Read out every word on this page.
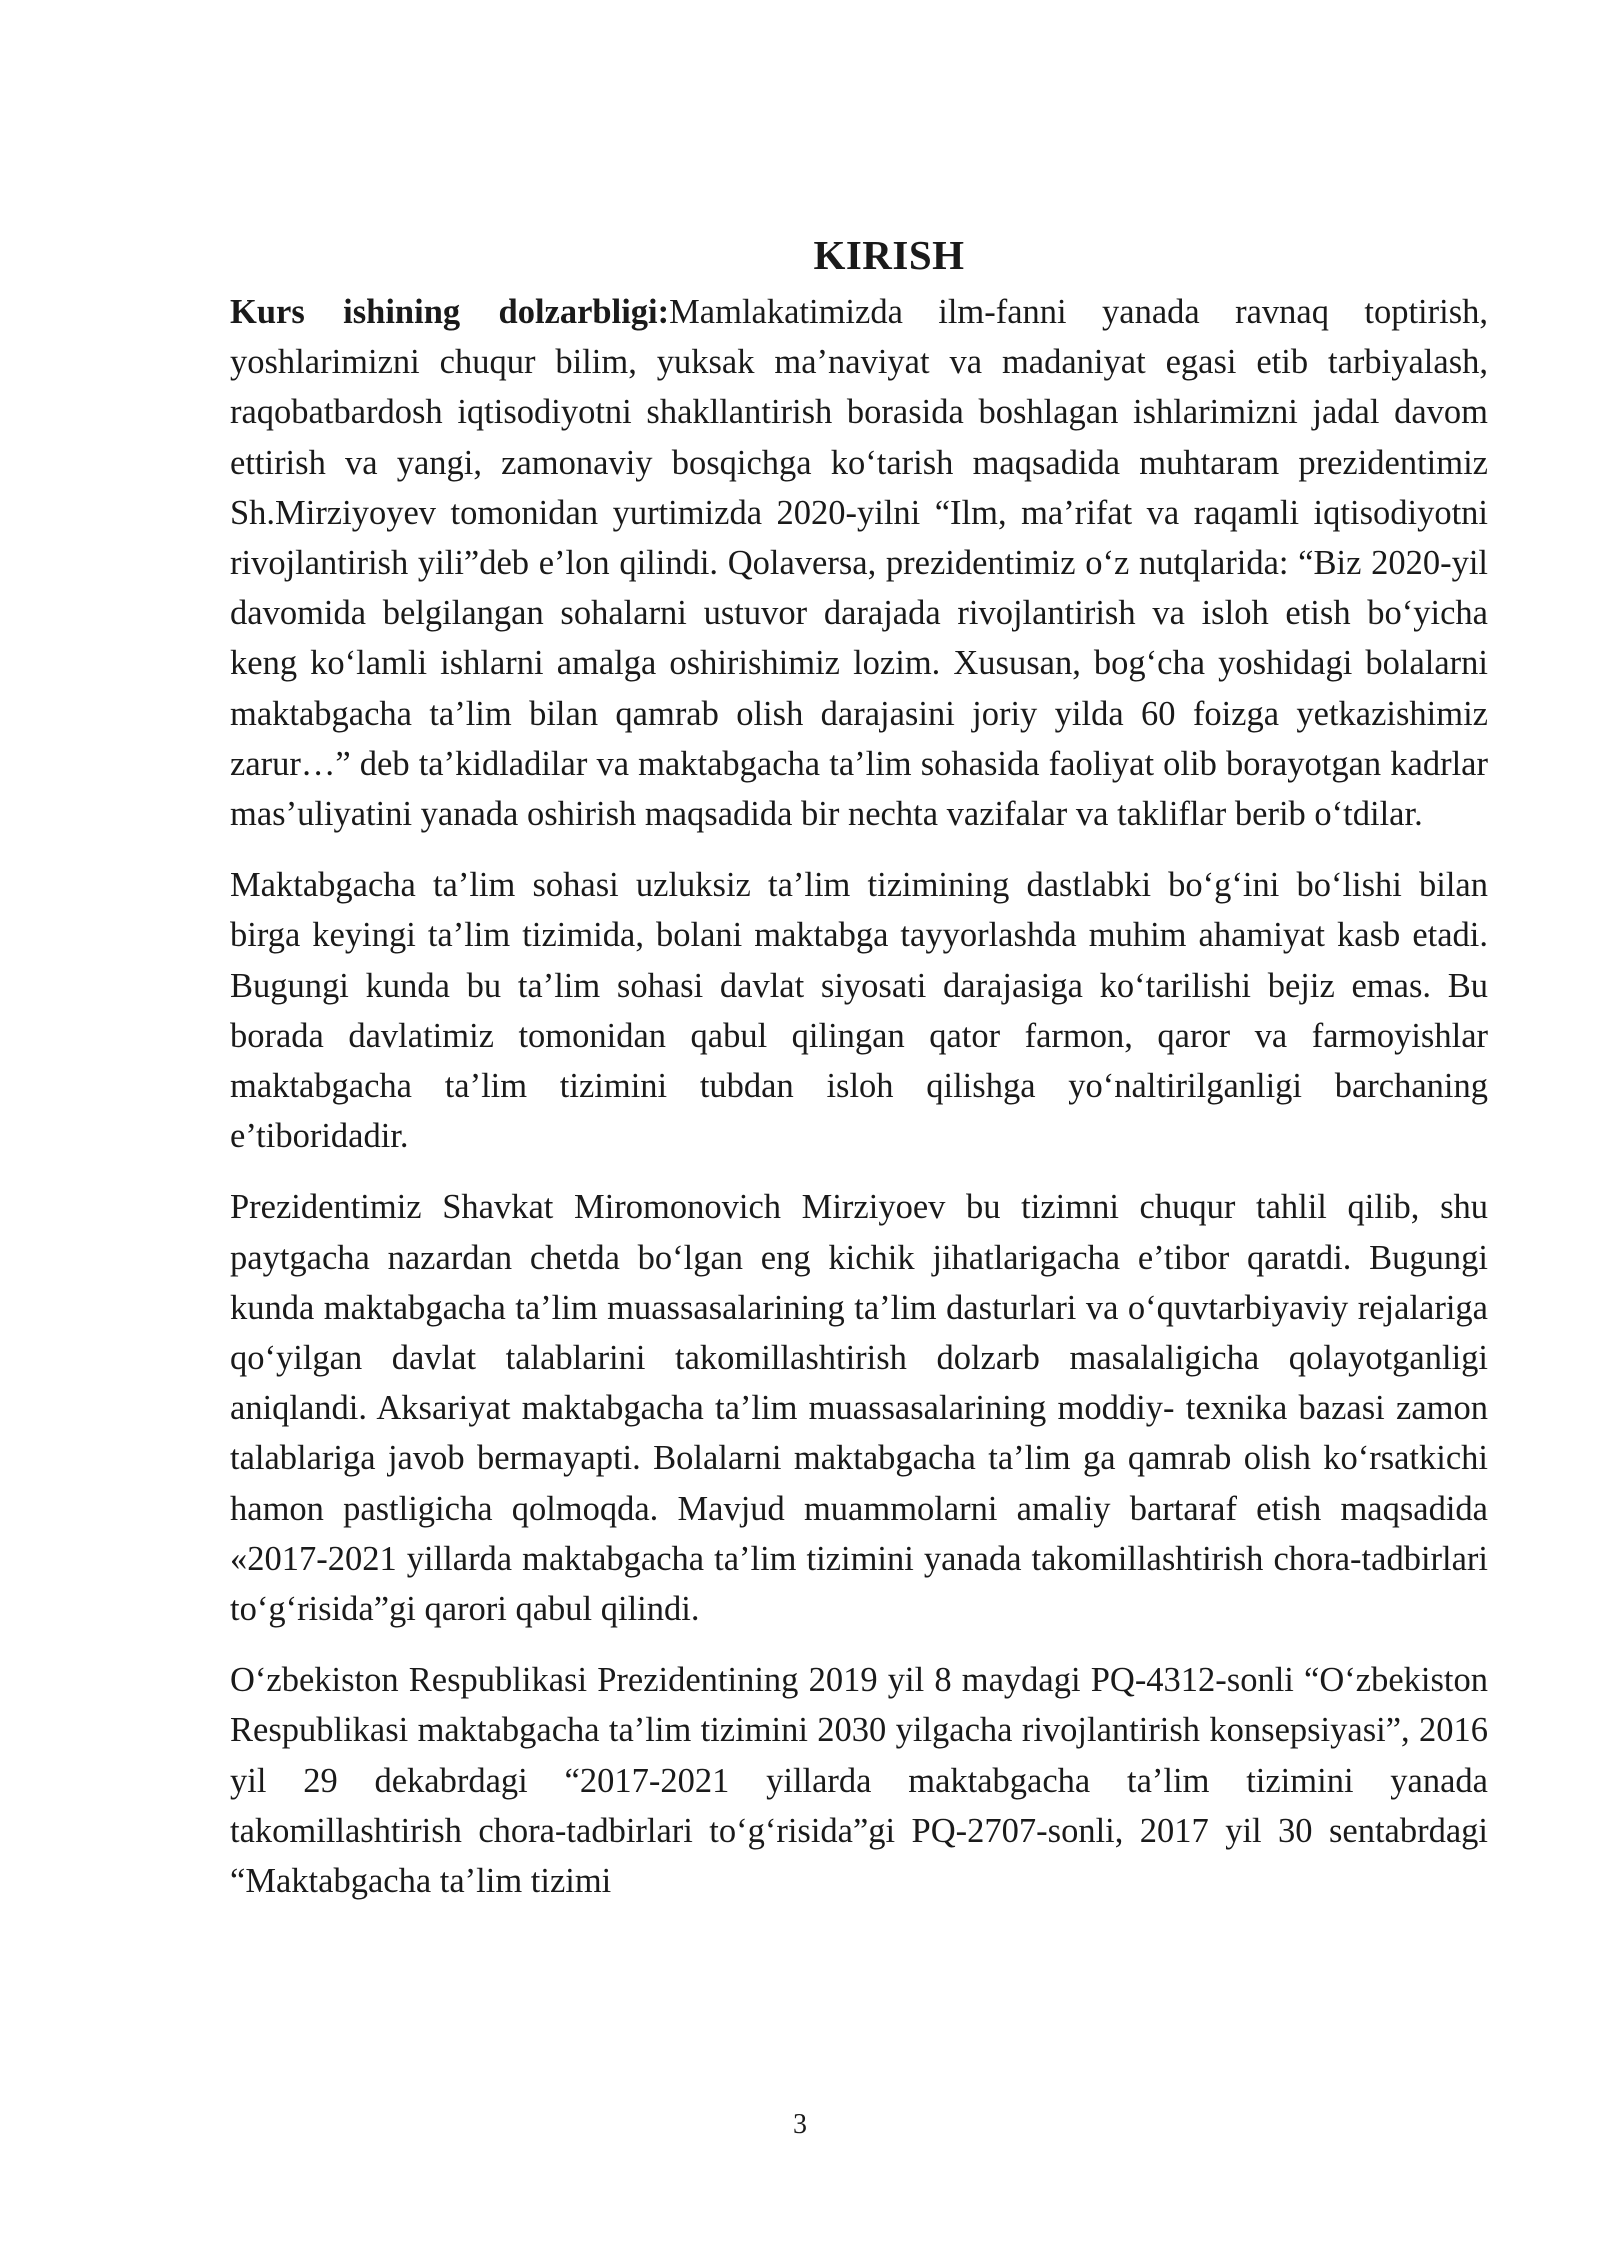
KIRISH

Kurs ishining dolzarbligi:Mamlakatimizda ilm-fanni yanada ravnaq toptirish, yoshlarimizni chuqur bilim, yuksak ma’naviyat va madaniyat egasi etib tarbiyalash, raqobatbardosh iqtisodiyotni shakllantirish borasida boshlagan ishlarimizni jadal davom ettirish va yangi, zamonaviy bosqichga ko‘tarish maqsadida muhtaram prezidentimiz Sh.Mirziyoyev tomonidan yurtimizda 2020-yilni “Ilm, ma’rifat va raqamli iqtisodiyotni rivojlantirish yili”deb e’lon qilindi. Qolaversa, prezidentimiz o‘z nutqlarida: “Biz 2020-yil davomida belgilangan sohalarni ustuvor darajada rivojlantirish va isloh etish bo‘yicha keng ko‘lamli ishlarni amalga oshirishimiz lozim. Xususan, bog‘cha yoshidagi bolalarni maktabgacha ta’lim bilan qamrab olish darajasini joriy yilda 60 foizga yetkazishimiz zarur…” deb ta’kidladilar va maktabgacha ta’lim sohasida faoliyat olib borayotgan kadrlar mas’uliyatini yanada oshirish maqsadida bir nechta vazifalar va takliflar berib o‘tdilar.

Maktabgacha ta’lim sohasi uzluksiz ta’lim tizimining dastlabki bo‘g‘ini bo‘lishi bilan birga keyingi ta’lim tizimida, bolani maktabga tayyorlashda muhim ahamiyat kasb etadi. Bugungi kunda bu ta’lim sohasi davlat siyosati darajasiga ko‘tarilishi bejiz emas. Bu borada davlatimiz tomonidan qabul qilingan qator farmon, qaror va farmoyishlar maktabgacha ta’lim tizimini tubdan isloh qilishga yo‘naltirilganligi barchaning e’tiboridadir.

Prezidentimiz Shavkat Miromonovich Mirziyoev bu tizimni chuqur tahlil qilib, shu paytgacha nazardan chetda bo‘lgan eng kichik jihatlarigacha e’tibor qaratdi. Bugungi kunda maktabgacha ta’lim muassasalarining ta’lim dasturlari va o‘quvtarbiyaviy rejalariga qo‘yilgan davlat talablarini takomillashtirish dolzarb masalaligicha qolayotganligi aniqlandi. Aksariyat maktabgacha ta’lim muassasalarining moddiy- texnika bazasi zamon talablariga javob bermayapti. Bolalarni maktabgacha ta’lim ga qamrab olish ko‘rsatkichi hamon pastligicha qolmoqda. Mavjud muammolarni amaliy bartaraf etish maqsadida «2017-2021 yillarda maktabgacha ta’lim tizimini yanada takomillashtirish chora-tadbirlari to‘g‘risida”gi qarori qabul qilindi.

O‘zbekiston Respublikasi Prezidentining 2019 yil 8 maydagi PQ-4312-sonli “O‘zbekiston Respublikasi maktabgacha ta’lim tizimini 2030 yilgacha rivojlantirish konsepsiyasi”, 2016 yil 29 dekabrdagi “2017-2021 yillarda maktabgacha ta’lim tizimini yanada takomillashtirish chora-tadbirlari to‘g‘risida”gi PQ-2707-sonli, 2017 yil 30 sentabrdagi “Maktabgacha ta’lim tizimi

3
